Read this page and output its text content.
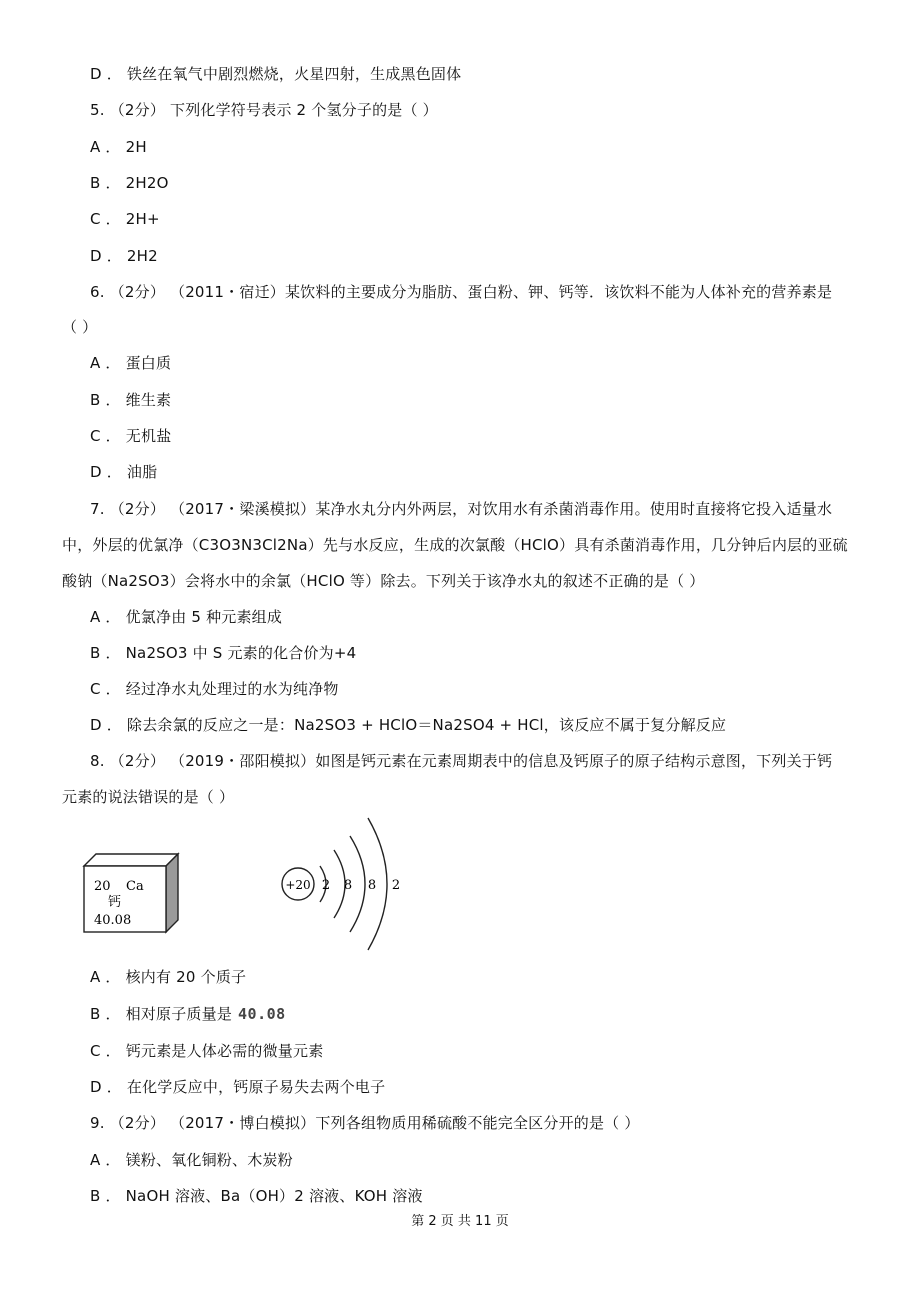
D ． 铁丝在氧气中剧烈燃烧，火星四射，生成黑色固体
5. （2分） 下列化学符号表示 2 个氢分子的是（ ）
A ． 2H
B ． 2H2O
C ． 2H+
D ． 2H2
6. （2分） （2011・宿迁）某饮料的主要成分为脂肪、蛋白粉、钾、钙等．该饮料不能为人体补充的营养素是
（ ）
A ． 蛋白质
B ． 维生素
C ． 无机盐
D ． 油脂
7. （2分） （2017・梁溪模拟）某净水丸分内外两层，对饮用水有杀菌消毒作用。使用时直接将它投入适量水
中，外层的优氯净（C3O3N3Cl2Na）先与水反应，生成的次氯酸（HClO）具有杀菌消毒作用，几分钟后内层的亚硫
酸钠（Na2SO3）会将水中的余氯（HClO 等）除去。下列关于该净水丸的叙述不正确的是（ ）
A ． 优氯净由 5 种元素组成
B ． Na2SO3 中 S 元素的化合价为+4
C ． 经过净水丸处理过的水为纯净物
D ． 除去余氯的反应之一是：Na2SO3 + HClO＝Na2SO4 + HCl，该反应不属于复分解反应
8. （2分） （2019・邵阳模拟）如图是钙元素在元素周期表中的信息及钙原子的原子结构示意图，下列关于钙
元素的说法错误的是（ ）
20 Ca
钙
40.08
+20 2 8 8 2
A ． 核内有 20 个质子
B ． 相对原子质量是 40.08
C ． 钙元素是人体必需的微量元素
D ． 在化学反应中，钙原子易失去两个电子
9. （2分） （2017・博白模拟）下列各组物质用稀硫酸不能完全区分开的是（ ）
A ． 镁粉、氧化铜粉、木炭粉
B ． NaOH 溶液、Ba（OH）2 溶液、KOH 溶液
第 2 页 共 11 页
